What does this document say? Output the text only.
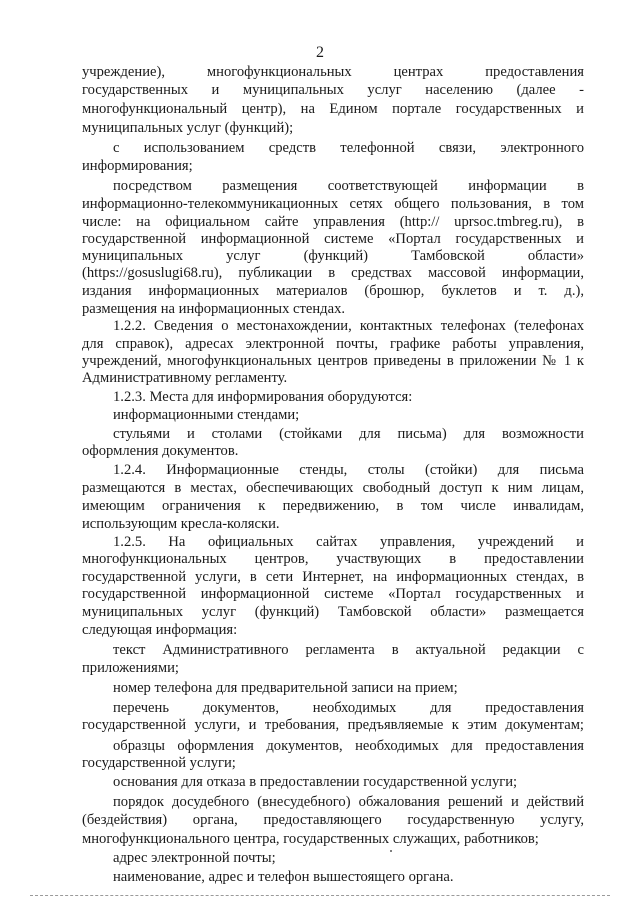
2
учреждение), многофункциональных центрах предоставления
государственных и муниципальных услуг населению (далее -
многофункциональный центр), на Едином портале государственных и
муниципальных услуг (функций);
с использованием средств телефонной связи, электронного
информирования;
посредством размещения соответствующей информации в
информационно-телекоммуникационных сетях общего пользования, в том
числе: на официальном сайте управления (http:// uprsoc.tmbreg.ru), в
государственной информационной системе «Портал государственных и
муниципальных услуг (функций) Тамбовской области»
(https://gosuslugi68.ru), публикации в средствах массовой информации,
издания информационных материалов (брошюр, буклетов и т. д.),
размещения на информационных стендах.
1.2.2. Сведения о местонахождении, контактных телефонах (телефонах
для справок), адресах электронной почты, графике работы управления,
учреждений, многофункциональных центров приведены в приложении № 1 к
Административному регламенту.
1.2.3. Места для информирования оборудуются:
информационными стендами;
стульями и столами (стойками для письма) для возможности
оформления документов.
1.2.4. Информационные стенды, столы (стойки) для письма
размещаются в местах, обеспечивающих свободный доступ к ним лицам,
имеющим ограничения к передвижению, в том числе инвалидам,
использующим кресла-коляски.
1.2.5. На официальных сайтах управления, учреждений и
многофункциональных центров, участвующих в предоставлении
государственной услуги, в сети Интернет, на информационных стендах, в
государственной информационной системе «Портал государственных и
муниципальных услуг (функций) Тамбовской области» размещается
следующая информация:
текст Административного регламента в актуальной редакции с
приложениями;
номер телефона для предварительной записи на прием;
перечень документов, необходимых для предоставления
государственной услуги, и требования, предъявляемые к этим документам;
образцы оформления документов, необходимых для предоставления
государственной услуги;
основания для отказа в предоставлении государственной услуги;
порядок досудебного (внесудебного) обжалования решений и действий
(бездействия) органа, предоставляющего государственную услугу,
многофункционального центра, государственных служащих, работников;
адрес электронной почты;
наименование, адрес и телефон вышестоящего органа.
